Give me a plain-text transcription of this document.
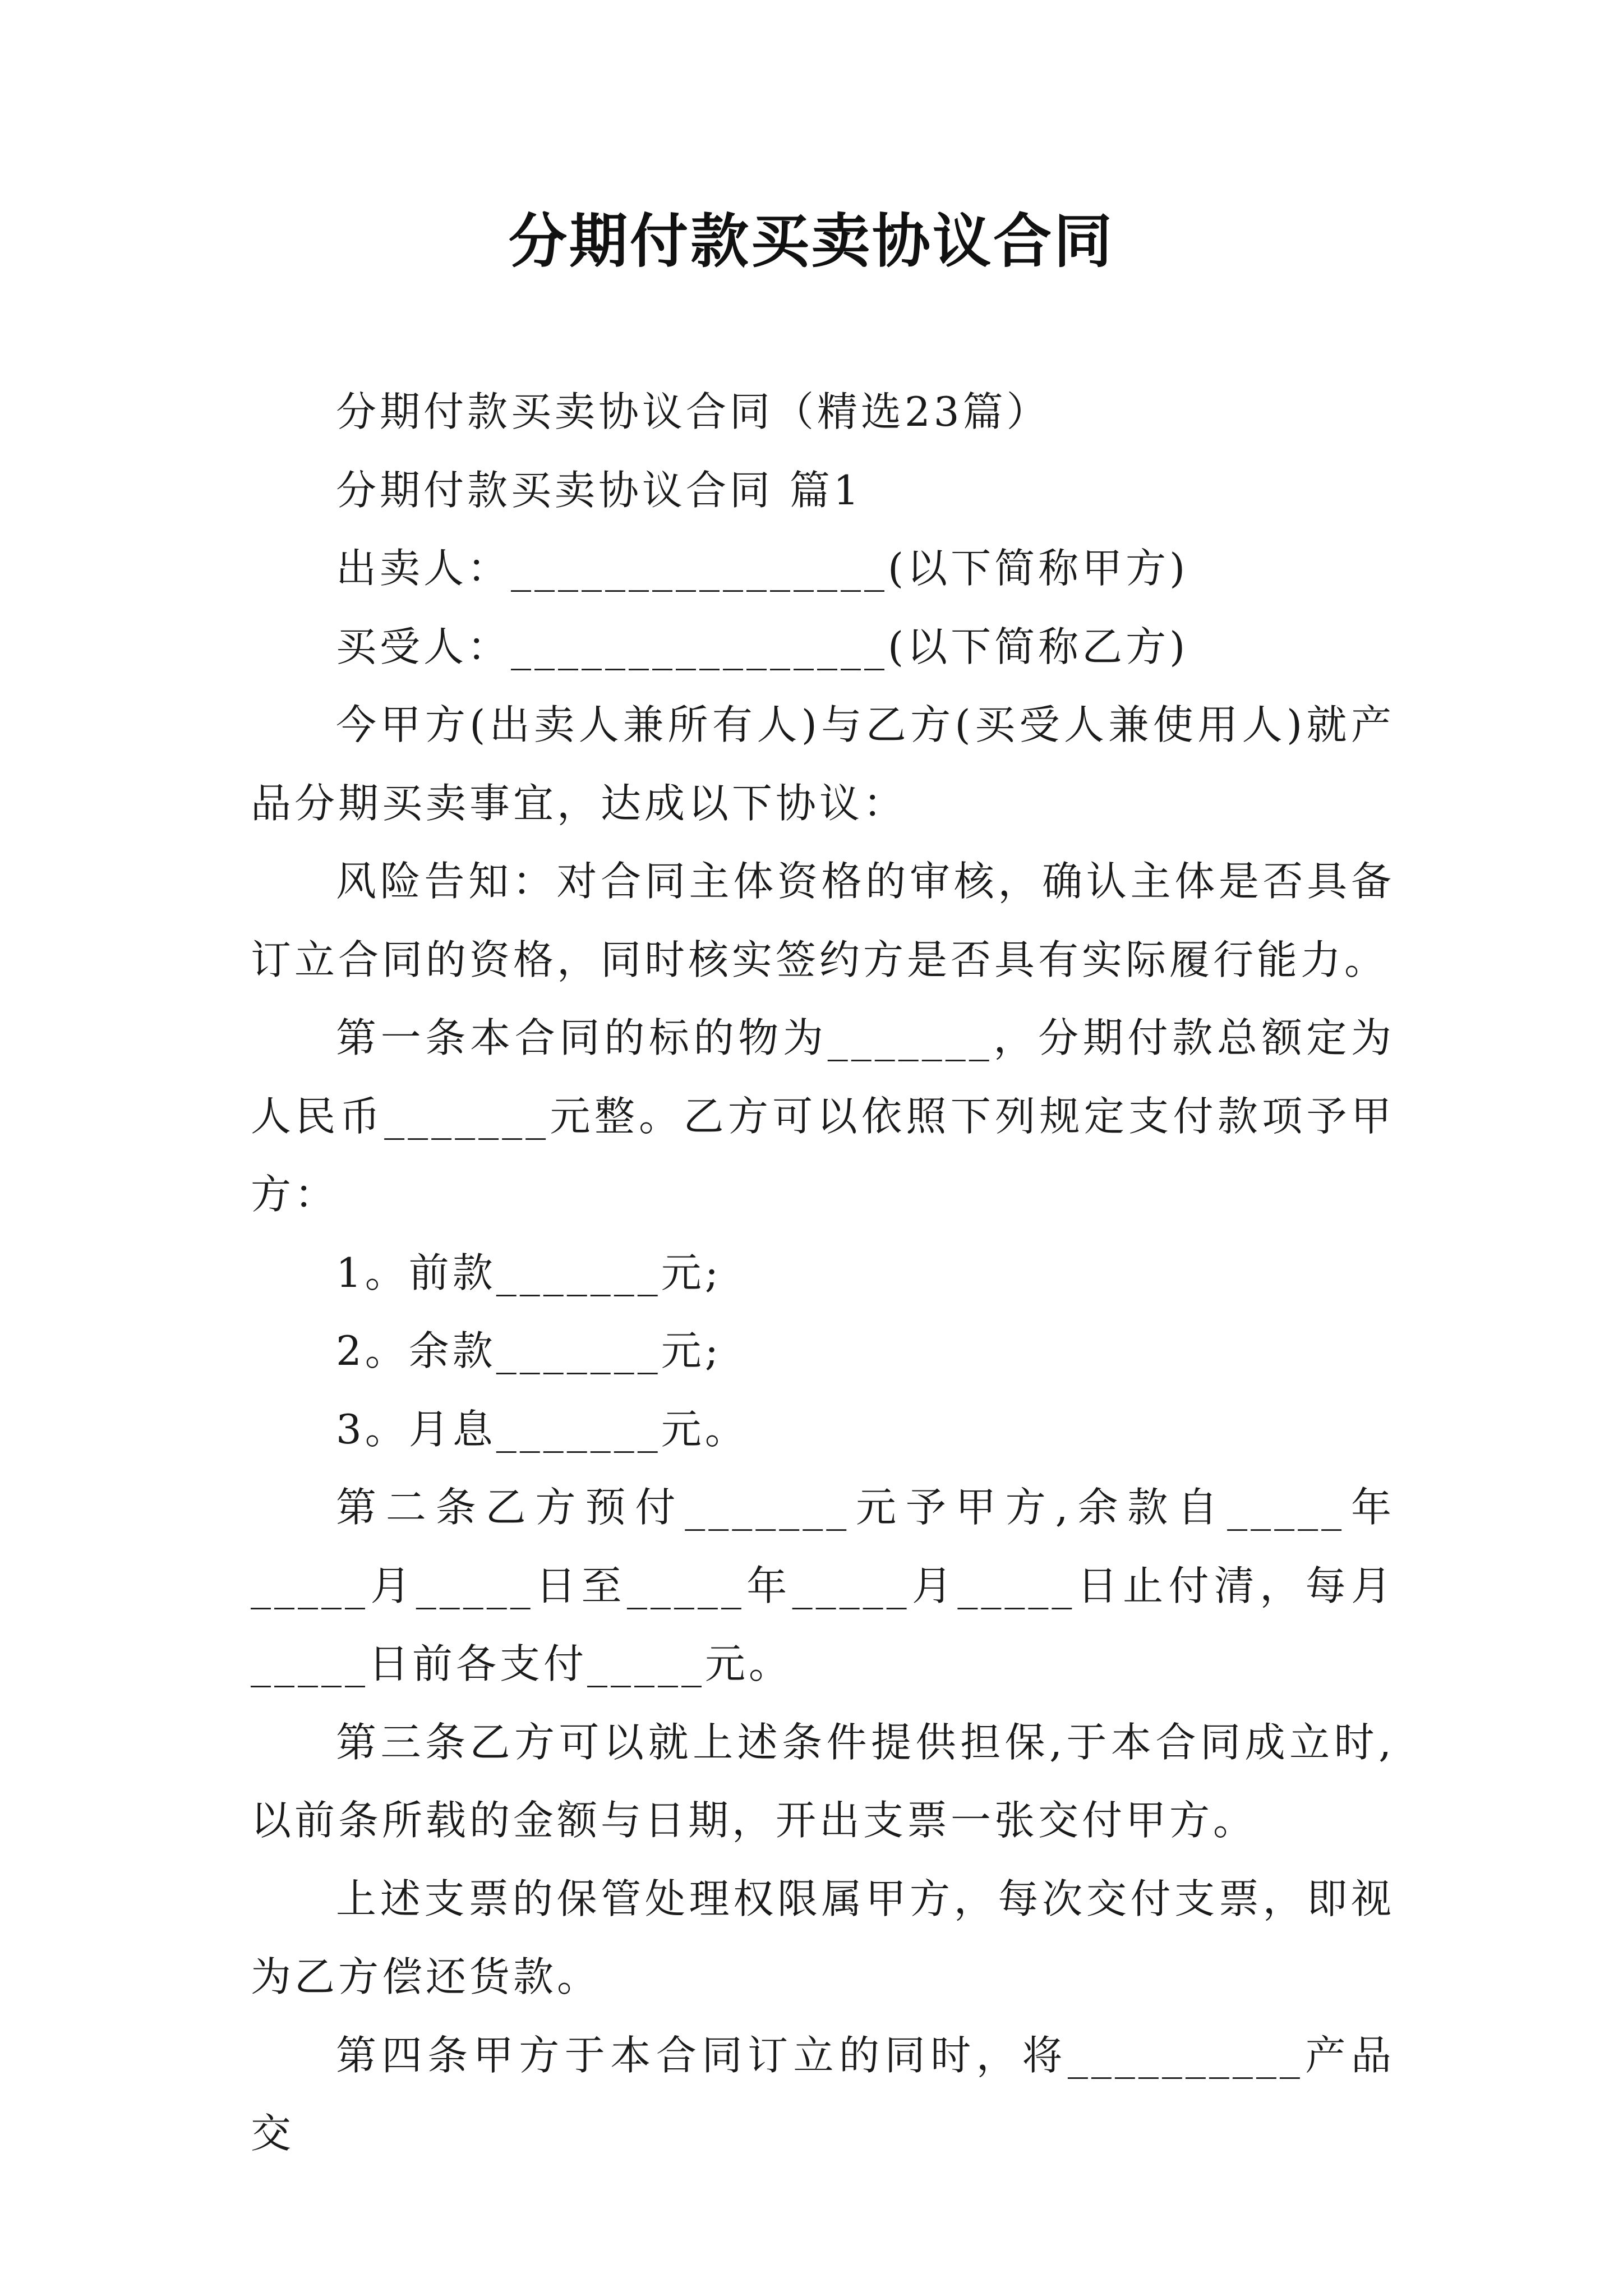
分期付款买卖协议合同

分期付款买卖协议合同（精选23篇）

分期付款买卖协议合同 篇1

出卖人：________________(以下简称甲方)

买受人：________________(以下简称乙方)

今甲方(出卖人兼所有人)与乙方(买受人兼使用人)就产品分期买卖事宜，达成以下协议：

风险告知：对合同主体资格的审核，确认主体是否具备订立合同的资格，同时核实签约方是否具有实际履行能力。

第一条本合同的标的物为_______，分期付款总额定为人民币_______元整。乙方可以依照下列规定支付款项予甲方：

1。前款_______元;

2。余款_______元;

3。月息_______元。

第二条乙方预付_______元予甲方,余款自_____年_____月_____日至_____年_____月_____日止付清，每月_____日前各支付_____元。

第三条乙方可以就上述条件提供担保,于本合同成立时,以前条所载的金额与日期，开出支票一张交付甲方。

上述支票的保管处理权限属甲方，每次交付支票，即视为乙方偿还货款。

第四条甲方于本合同订立的同时，将__________产品交
